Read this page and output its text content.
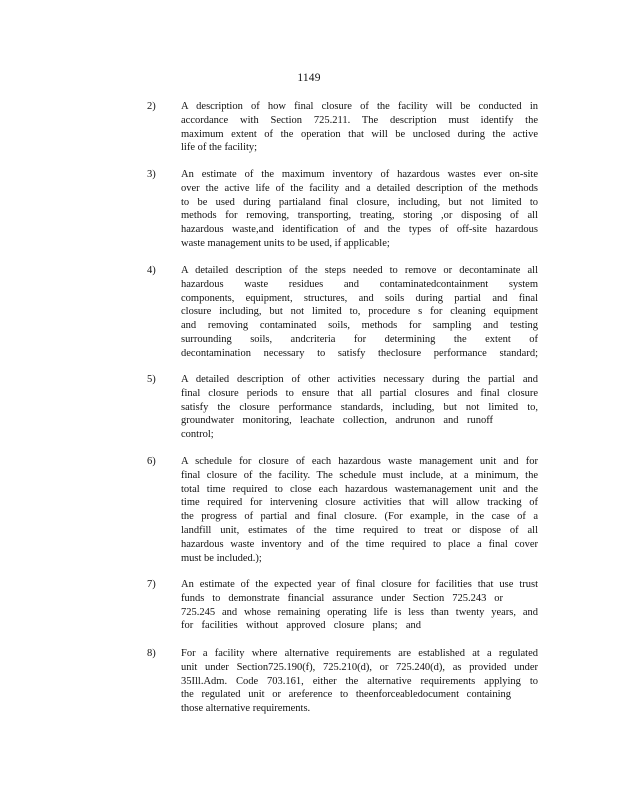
1149
2) A description of how final closure of the facility will be conducted in
accordance with Section 725.211. The description must identify the
maximum extent of the operation that will be unclosed during the active
life of the facility;
3) An estimate of the maximum inventory of hazardous wastes ever on-site
over the active life of the facility and a detailed description of the methods
to be used during partialand final closure, including, but not limited to
methods for removing, transporting, treating, storing ,or disposing of all
hazardous waste,and identification of and the types of off-site hazardous
waste management units to be used, if applicable;
4) A detailed description of the steps needed to remove or decontaminate all
hazardous waste residues and contaminatedcontainment system
components, equipment, structures, and soils during partial and final
closure including, but not limited to, procedure s for cleaning equipment
and removing contaminated soils, methods for sampling and testing
surrounding soils, andcriteria for determining the extent of
decontamination necessary to satisfy theclosure performance standard;
5) A detailed description of other activities necessary during the partial and
final closure periods to ensure that all partial closures and final closure
satisfy the closure performance standards, including, but not limited to,
groundwater monitoring, leachate collection, andrunon and runoff
control;
6) A schedule for closure of each hazardous waste management unit and for
final closure of the facility. The schedule must include, at a minimum, the
total time required to close each hazardous wastemanagement unit and the
time required for intervening closure activities that will allow tracking of
the progress of partial and final closure. (For example, in the case of a
landfill unit, estimates of the time required to treat or dispose of all
hazardous waste inventory and of the time required to place a final cover
must be included.);
7) An estimate of the expected year of final closure for facilities that use trust
funds to demonstrate financial assurance under Section 725.243 or
725.245 and whose remaining operating life is less than twenty years, and
for facilities without approved closure plans; and
8) For a facility where alternative requirements are established at a regulated
unit under Section725.190(f), 725.210(d), or 725.240(d), as provided under
35Ill.Adm. Code 703.161, either the alternative requirements applying to
the regulated unit or areference to theenforceabledocument containing
those alternative requirements.
